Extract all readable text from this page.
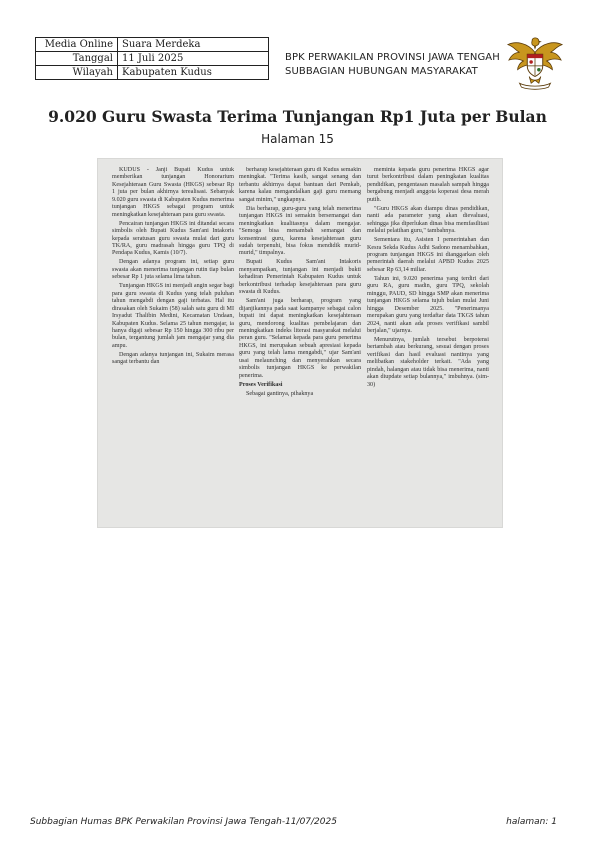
Media Online	Suara Merdeka
Tanggal	11 Juli 2025
Wilayah	Kabupaten Kudus
BPK PERWAKILAN PROVINSI JAWA TENGAH
SUBBAGIAN HUBUNGAN MASYARAKAT
9.020 Guru Swasta Terima Tunjangan Rp1 Juta per Bulan
Halaman 15

KUDUS - Janji Bupati Kudus untuk memberikan tunjangan Honorarium Kesejahteraan Guru Swasta (HKGS) sebesar Rp 1 juta per bulan akhirnya terealisasi. Sebanyak 9.020 guru swasta di Kabupaten Kudus menerima tunjangan HKGS sebagai program untuk meningkatkan kesejahteraan para guru swasta.

Pencairan tunjangan HKGS ini ditandai secara simbolis oleh Bupati Kudus Sam'ani Intakoris kepada seratusan guru swasta mulai dari guru TK/RA, guru madrasah hingga guru TPQ di Pendapa Kudus, Kamis (10/7).

Dengan adanya program ini, setiap guru swasta akan menerima tunjangan rutin tiap bulan sebesar Rp 1 juta selama lima tahun.

Tunjangan HKGS ini menjadi angin segar bagi para guru swasta di Kudus yang telah puluhan tahun mengabdi dengan gaji terbatas. Hal itu dirasakan oleh Sukaim (58) salah satu guru di MI Irsyadut Thalibin Medini, Kecamatan Undaan, Kabupaten Kudus. Selama 25 tahun mengajar, ia hanya digaji sebesar Rp 150 hingga 300 ribu per bulan, tergantung jumlah jam mengajar yang dia ampu.

Dengan adanya tunjangan ini, Sukaim merasa sangat terbantu dan

berharap kesejahteraan guru di Kudus semakin meningkat. "Terima kasih, sangat senang dan terbantu akhirnya dapat bantuan dari Pemkab, karena kalau mengandalkan gaji guru memang sangat minim," ungkapnya.

Dia berharap, guru-guru yang telah menerima tunjangan HKGS ini semakin bersemangat dan meningkatkan kualitasnya dalam mengajar. "Semoga bisa menambah semangat dan konsentrasi guru, karena kesejahteraan guru sudah terpenuhi, bisa fokus mendidik murid-murid," timpalnya.

Bupati Kudus Sam'ani Intakoris menyampaikan, tunjangan ini menjadi bukti kehadiran Pemerintah Kabupaten Kudus untuk berkontribusi terhadap kesejahteraan para guru swasta di Kudus.

Sam'ani juga berharap, program yang dijanjikannya pada saat kampanye sebagai calon bupati ini dapat meningkatkan kesejahteraan guru, mendorong kualitas pembelajaran dan meningkatkan indeks literasi masyarakat melalui peran guru. "Selamat kepada para guru penerima HKGS, ini merupakan sebuah apresiasi kepada guru yang telah lama mengabdi," ujar Sam'ani usai melaunching dan menyerahkan secara simbolis tunjangan HKGS ke perwakilan penerima.

Proses Verifikasi

Sebagai gantinya, pihaknya

meminta kepada guru penerima HKGS agar turut berkontribusi dalam peningkatan kualitas pendidikan, pengentasan masalah sampah hingga bergabung menjadi anggota koperasi desa merah putih.

"Guru HKGS akan diampu dinas pendidikan, nanti ada parameter yang akan dievaluasi, sehingga jika diperlukan dinas bisa memfasilitasi melalui pelatihan guru," tambahnya.

Sementara itu, Asisten I pemerintahan dan Kesra Sekda Kudus Adhi Sadono menambahkan, program tunjangan HKGS ini dianggarkan oleh pemerintah daerah melalui APBD Kudus 2025 sebesar Rp 63,14 miliar.

Tahun ini, 9.020 penerima yang terdiri dari guru RA, guru madin, guru TPQ, sekolah minggu, PAUD, SD hingga SMP akan menerima tunjangan HKGS selama tujuh bulan mulai Juni hingga Desember 2025. "Penerimanya merupakan guru yang terdaftar data TKGS tahun 2024, nanti akan ada proses verifikasi sambil berjalan," ujarnya.

Menurutnya, jumlah tersebut berpotensi bertambah atau berkurang, sesuai dengan proses verifikasi dan hasil evaluasi nantinya yang melibatkan stakeholder terkait. "Ada yang pindah, halangan atau tidak bisa menerima, nanti akan diupdate setiap bulannya," imbuhnya. (sim-30)

Subbagian Humas BPK Perwakilan Provinsi Jawa Tengah-11/07/2025	halaman: 1
